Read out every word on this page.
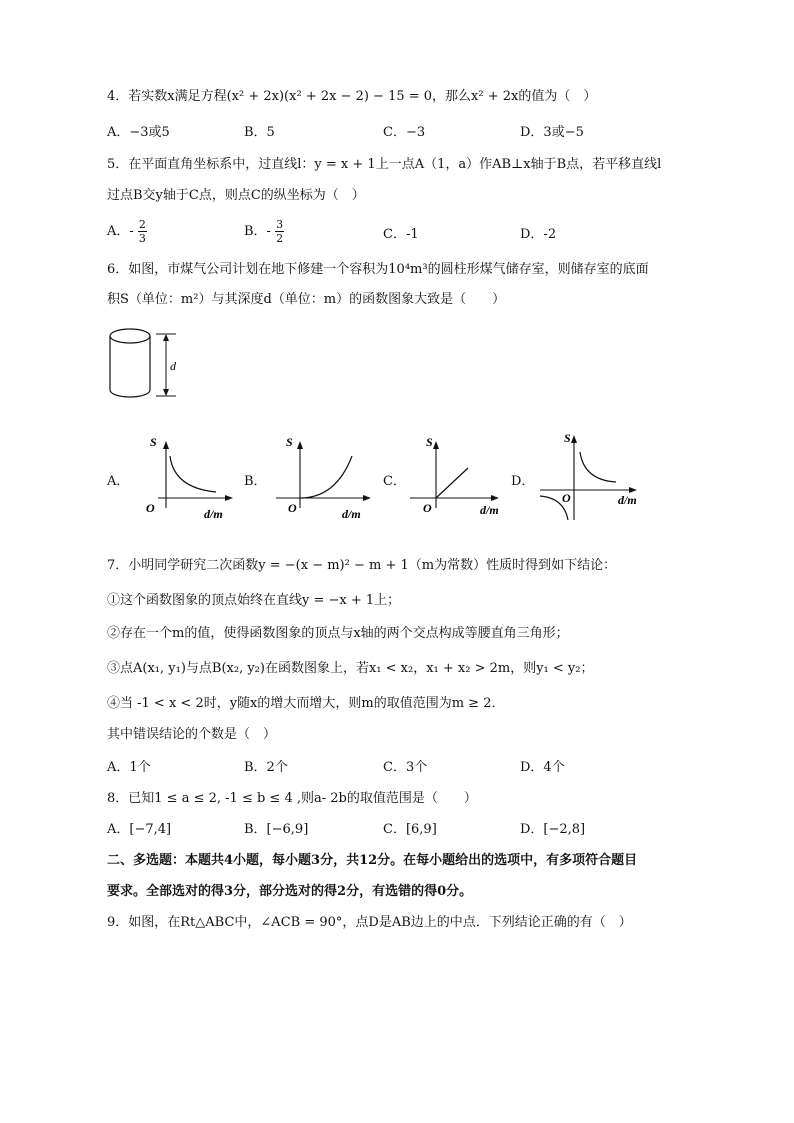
4．若实数x满足方程(x² + 2x)(x² + 2x − 2) − 15 = 0，那么x² + 2x的值为（　）
A．−3或5	B．5	C．−3	D．3或−5
5．在平面直角坐标系中，过直线l：y = x + 1上一点A（1，a）作AB⊥x轴于B点，若平移直线l
过点B交y轴于C点，则点C的纵坐标为（　）
A．- $\frac{2}{3}$	B．- $\frac{3}{2}$	C．-1	D．-2
6．如图，市煤气公司计划在地下修建一个容积为10⁴m³的圆柱形煤气储存室，则储存室的底面
积S（单位：m²）与其深度d（单位：m）的函数图象大致是（　　）
d
A．	B．	C．	D．
S
O	d/m
S
O	d/m
S
O	d/m
S
O	d/m
7．小明同学研究二次函数y = −(x − m)² − m + 1（m为常数）性质时得到如下结论：
①这个函数图象的顶点始终在直线y = −x + 1上；
②存在一个m的值，使得函数图象的顶点与x轴的两个交点构成等腰直角三角形；
③点A(x₁, y₁)与点B(x₂, y₂)在函数图象上，若x₁ < x₂，x₁ + x₂ > 2m，则y₁ < y₂；
④当 -1 < x < 2时，y随x的增大而增大，则m的取值范围为m ≥ 2．
其中错误结论的个数是（　）
A．1个	B．2个	C．3个	D．4个
8．已知1 ≤ a ≤ 2, -1 ≤ b ≤ 4 ,则a- 2b的取值范围是（　　）
A．[−7,4]	B．[−6,9]	C．[6,9]	D．[−2,8]
二、多选题：本题共4小题，每小题3分，共12分。在每小题给出的选项中，有多项符合题目
要求。全部选对的得3分，部分选对的得2分，有选错的得0分。
9．如图，在Rt△ABC中，∠ACB = 90°，点D是AB边上的中点．下列结论正确的有（　）
